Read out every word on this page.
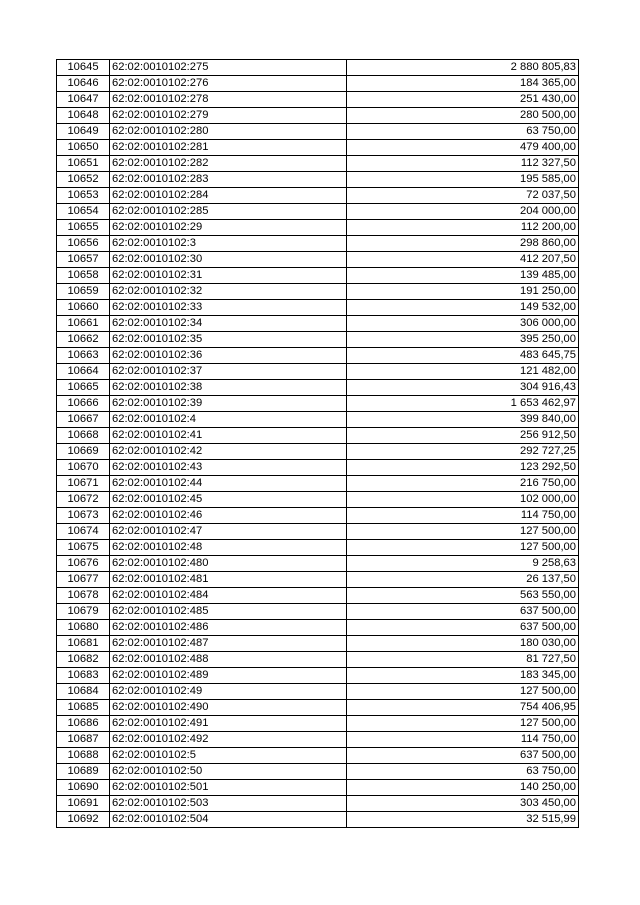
10645	62:02:0010102:275	2 880 805,83
10646	62:02:0010102:276	184 365,00
10647	62:02:0010102:278	251 430,00
10648	62:02:0010102:279	280 500,00
10649	62:02:0010102:280	63 750,00
10650	62:02:0010102:281	479 400,00
10651	62:02:0010102:282	112 327,50
10652	62:02:0010102:283	195 585,00
10653	62:02:0010102:284	72 037,50
10654	62:02:0010102:285	204 000,00
10655	62:02:0010102:29	112 200,00
10656	62:02:0010102:3	298 860,00
10657	62:02:0010102:30	412 207,50
10658	62:02:0010102:31	139 485,00
10659	62:02:0010102:32	191 250,00
10660	62:02:0010102:33	149 532,00
10661	62:02:0010102:34	306 000,00
10662	62:02:0010102:35	395 250,00
10663	62:02:0010102:36	483 645,75
10664	62:02:0010102:37	121 482,00
10665	62:02:0010102:38	304 916,43
10666	62:02:0010102:39	1 653 462,97
10667	62:02:0010102:4	399 840,00
10668	62:02:0010102:41	256 912,50
10669	62:02:0010102:42	292 727,25
10670	62:02:0010102:43	123 292,50
10671	62:02:0010102:44	216 750,00
10672	62:02:0010102:45	102 000,00
10673	62:02:0010102:46	114 750,00
10674	62:02:0010102:47	127 500,00
10675	62:02:0010102:48	127 500,00
10676	62:02:0010102:480	9 258,63
10677	62:02:0010102:481	26 137,50
10678	62:02:0010102:484	563 550,00
10679	62:02:0010102:485	637 500,00
10680	62:02:0010102:486	637 500,00
10681	62:02:0010102:487	180 030,00
10682	62:02:0010102:488	81 727,50
10683	62:02:0010102:489	183 345,00
10684	62:02:0010102:49	127 500,00
10685	62:02:0010102:490	754 406,95
10686	62:02:0010102:491	127 500,00
10687	62:02:0010102:492	114 750,00
10688	62:02:0010102:5	637 500,00
10689	62:02:0010102:50	63 750,00
10690	62:02:0010102:501	140 250,00
10691	62:02:0010102:503	303 450,00
10692	62:02:0010102:504	32 515,99
